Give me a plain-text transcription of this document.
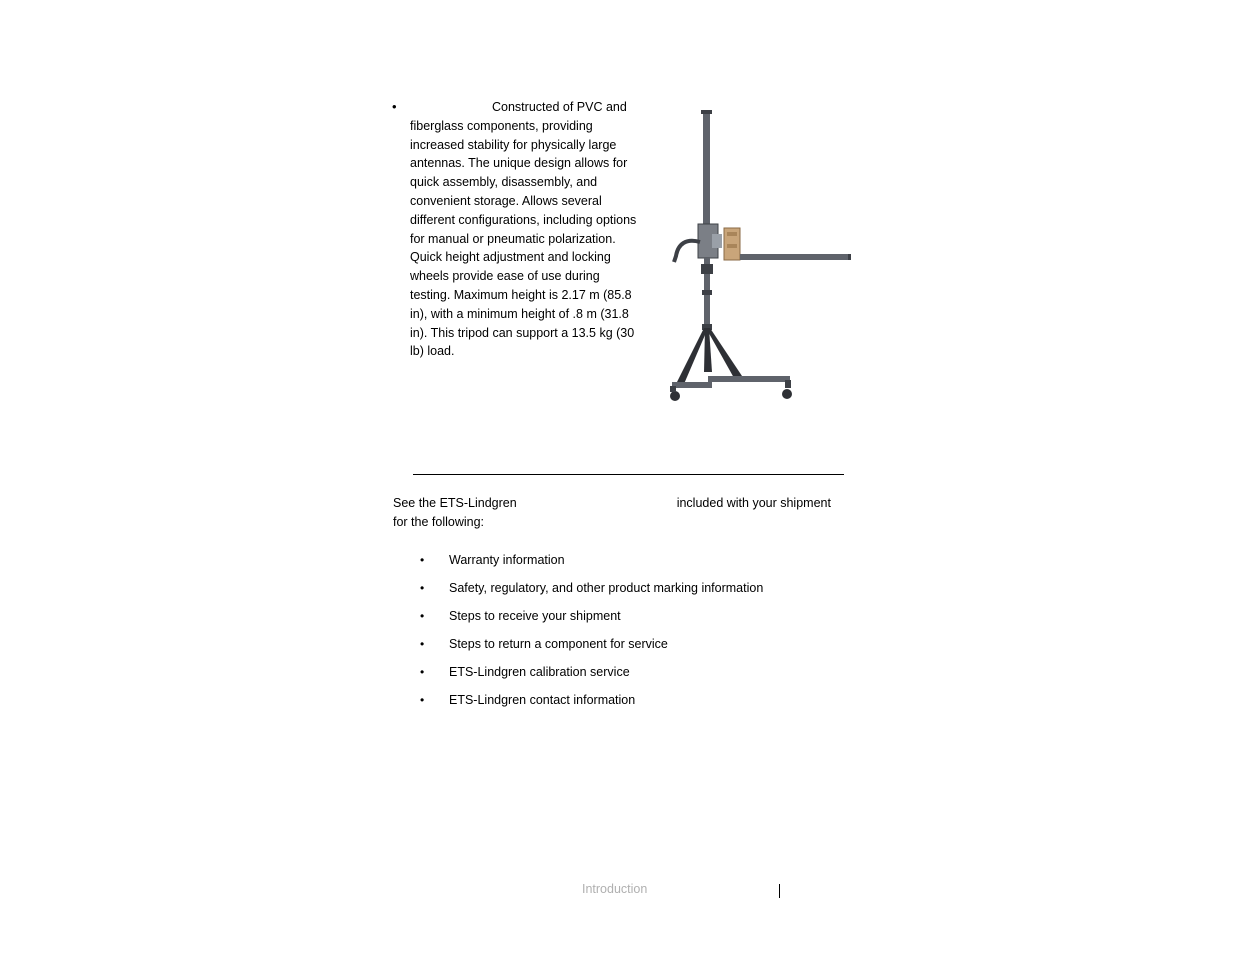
•	Constructed of PVC and fiberglass components, providing increased stability for physically large antennas. The unique design allows for quick assembly, disassembly, and convenient storage. Allows several different configurations, including options for manual or pneumatic polarization. Quick height adjustment and locking wheels provide ease of use during testing. Maximum height is 2.17 m (85.8 in), with a minimum height of .8 m (31.8 in). This tripod can support a 13.5 kg (30 lb) load.

See the ETS-Lindgren	included with your shipment for the following:

• Warranty information
• Safety, regulatory, and other product marking information
• Steps to receive your shipment
• Steps to return a component for service
• ETS-Lindgren calibration service
• ETS-Lindgren contact information
Introduction
